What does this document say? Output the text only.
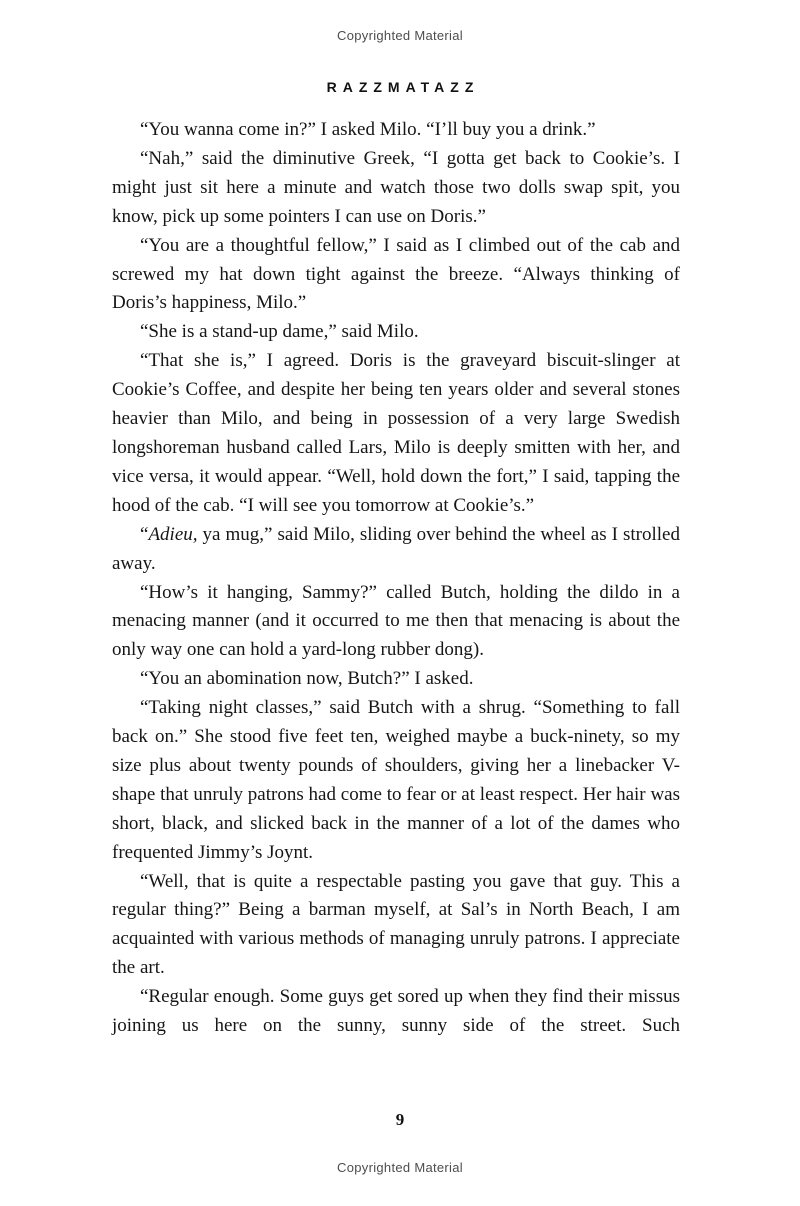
Copyrighted Material
RAZZMATAZZ

“You wanna come in?” I asked Milo. “I’ll buy you a drink.”

“Nah,” said the diminutive Greek, “I gotta get back to Cookie’s. I might just sit here a minute and watch those two dolls swap spit, you know, pick up some pointers I can use on Doris.”

“You are a thoughtful fellow,” I said as I climbed out of the cab and screwed my hat down tight against the breeze. “Always thinking of Doris’s happiness, Milo.”

“She is a stand-up dame,” said Milo.

“That she is,” I agreed. Doris is the graveyard biscuit-slinger at Cookie’s Coffee, and despite her being ten years older and several stones heavier than Milo, and being in possession of a very large Swedish longshoreman husband called Lars, Milo is deeply smitten with her, and vice versa, it would appear. “Well, hold down the fort,” I said, tapping the hood of the cab. “I will see you tomorrow at Cookie’s.”

“Adieu, ya mug,” said Milo, sliding over behind the wheel as I strolled away.

“How’s it hanging, Sammy?” called Butch, holding the dildo in a menacing manner (and it occurred to me then that menacing is about the only way one can hold a yard-long rubber dong).

“You an abomination now, Butch?” I asked.

“Taking night classes,” said Butch with a shrug. “Something to fall back on.” She stood five feet ten, weighed maybe a buck-ninety, so my size plus about twenty pounds of shoulders, giving her a linebacker V-shape that unruly patrons had come to fear or at least respect. Her hair was short, black, and slicked back in the manner of a lot of the dames who frequented Jimmy’s Joynt.

“Well, that is quite a respectable pasting you gave that guy. This a regular thing?” Being a barman myself, at Sal’s in North Beach, I am acquainted with various methods of managing unruly patrons. I appreciate the art.

“Regular enough. Some guys get sored up when they find their missus joining us here on the sunny, sunny side of the street. Such

9
Copyrighted Material
